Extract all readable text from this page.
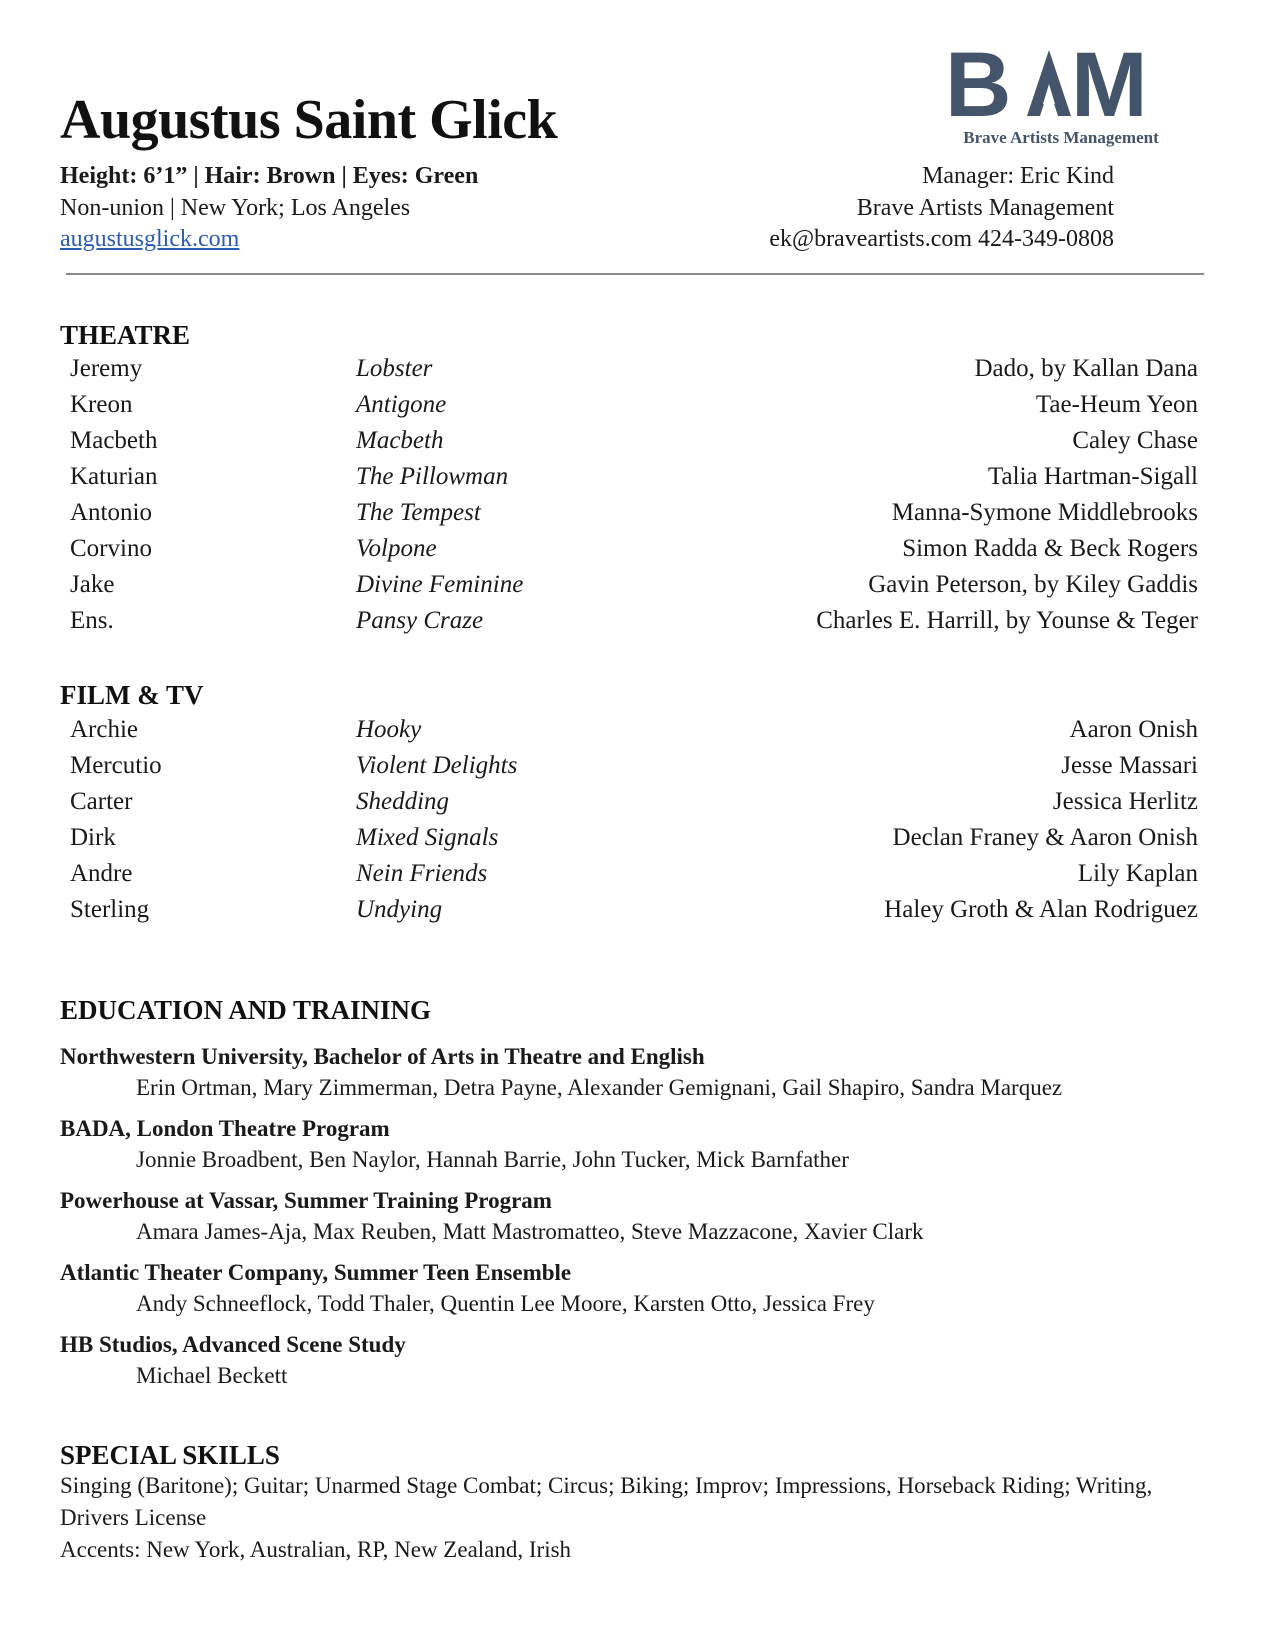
Augustus Saint Glick
Height: 6’1” | Hair: Brown | Eyes: Green
Non-union | New York; Los Angeles
augustusglick.com
B M
Brave Artists Management
Manager: Eric Kind
Brave Artists Management
ek@braveartists.com 424-349-0808
THEATRE
Jeremy	Lobster	Dado, by Kallan Dana
Kreon	Antigone	Tae-Heum Yeon
Macbeth	Macbeth	Caley Chase
Katurian	The Pillowman	Talia Hartman-Sigall
Antonio	The Tempest	Manna-Symone Middlebrooks
Corvino	Volpone	Simon Radda & Beck Rogers
Jake	Divine Feminine	Gavin Peterson, by Kiley Gaddis
Ens.	Pansy Craze	Charles E. Harrill, by Younse & Teger
FILM & TV
Archie	Hooky	Aaron Onish
Mercutio	Violent Delights	Jesse Massari
Carter	Shedding	Jessica Herlitz
Dirk	Mixed Signals	Declan Franey & Aaron Onish
Andre	Nein Friends	Lily Kaplan
Sterling	Undying	Haley Groth & Alan Rodriguez
EDUCATION AND TRAINING
Northwestern University, Bachelor of Arts in Theatre and English
Erin Ortman, Mary Zimmerman, Detra Payne, Alexander Gemignani, Gail Shapiro, Sandra Marquez
BADA, London Theatre Program
Jonnie Broadbent, Ben Naylor, Hannah Barrie, John Tucker, Mick Barnfather
Powerhouse at Vassar, Summer Training Program
Amara James-Aja, Max Reuben, Matt Mastromatteo, Steve Mazzacone, Xavier Clark
Atlantic Theater Company, Summer Teen Ensemble
Andy Schneeflock, Todd Thaler, Quentin Lee Moore, Karsten Otto, Jessica Frey
HB Studios, Advanced Scene Study
Michael Beckett
SPECIAL SKILLS
Singing (Baritone); Guitar; Unarmed Stage Combat; Circus; Biking; Improv; Impressions, Horseback Riding; Writing, Drivers License
Accents: New York, Australian, RP, New Zealand, Irish
